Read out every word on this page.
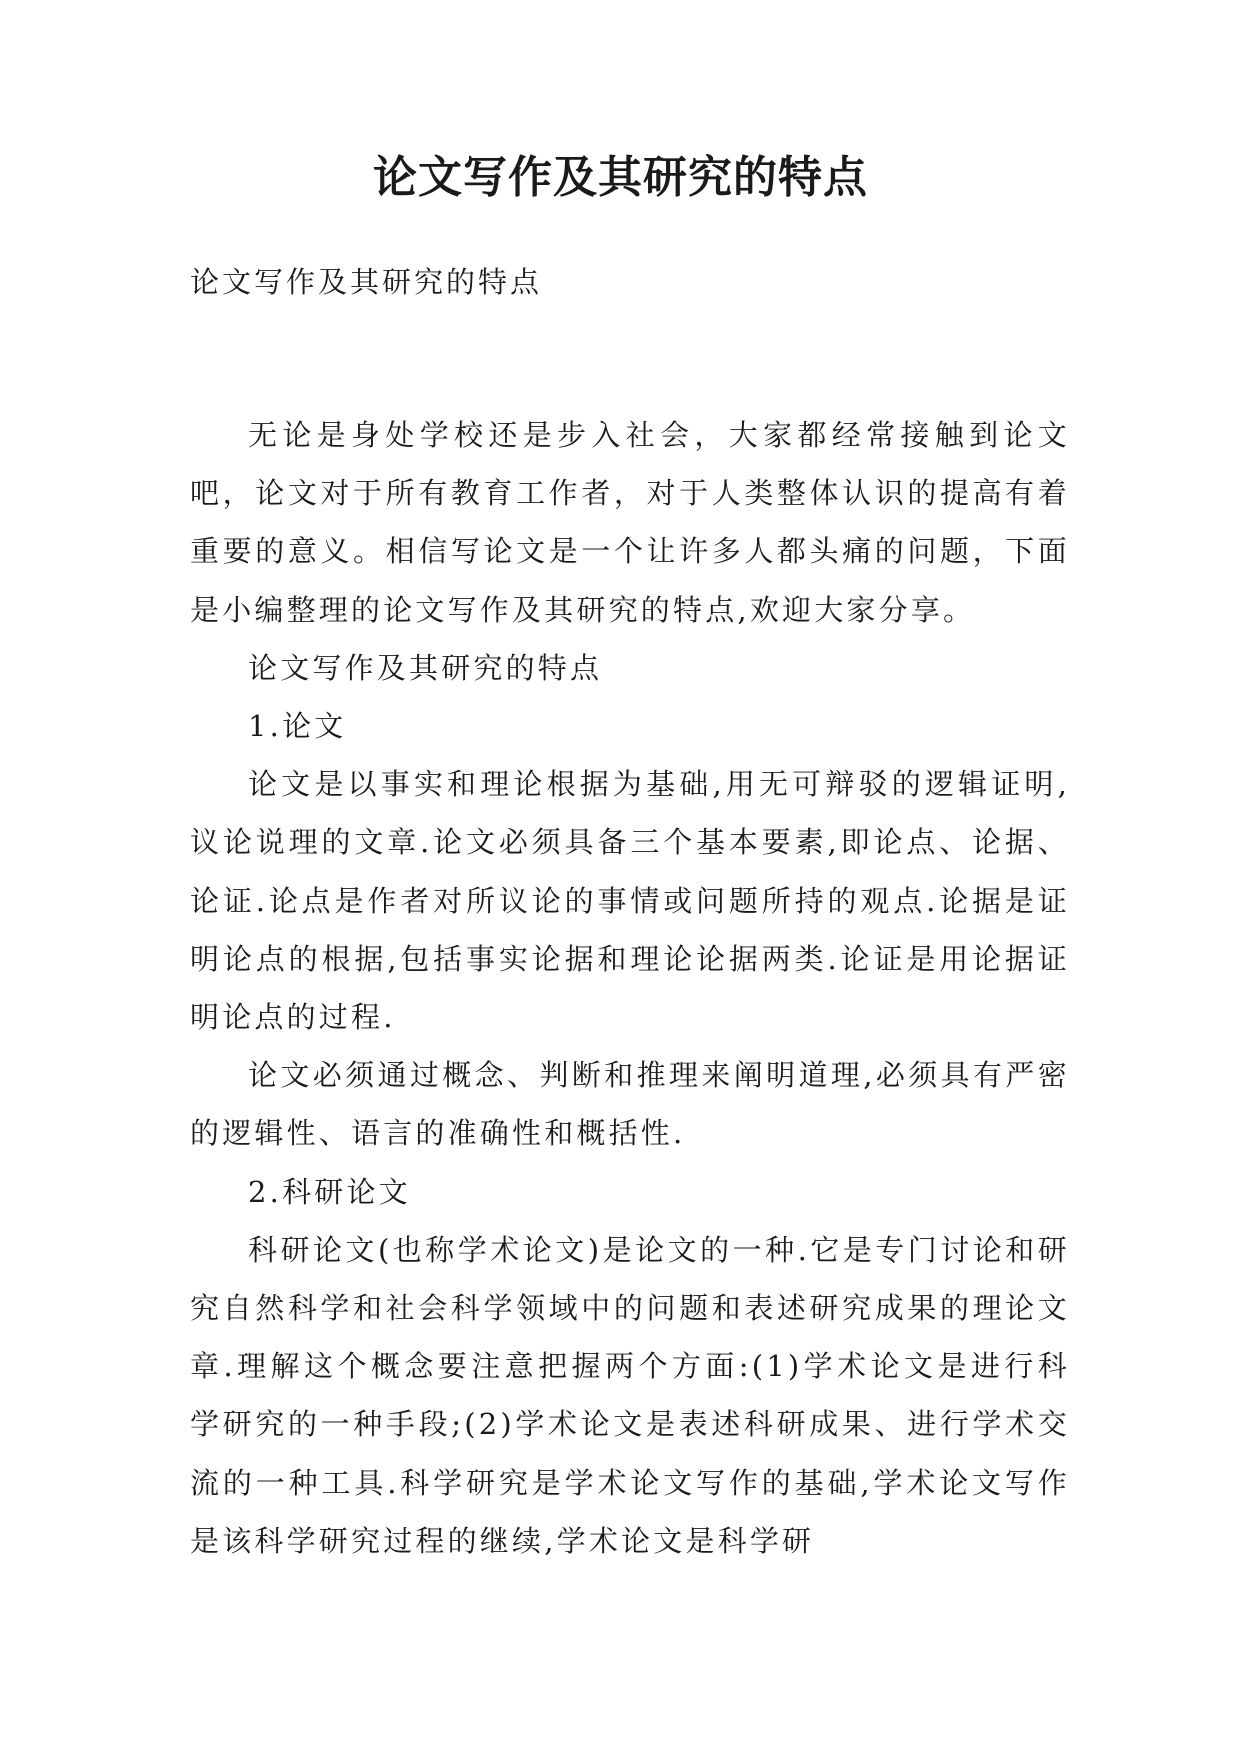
论文写作及其研究的特点
论文写作及其研究的特点

无论是身处学校还是步入社会，大家都经常接触到论文吧，论文对于所有教育工作者，对于人类整体认识的提高有着重要的意义。相信写论文是一个让许多人都头痛的问题，下面是小编整理的论文写作及其研究的特点,欢迎大家分享。

论文写作及其研究的特点

1.论文

论文是以事实和理论根据为基础,用无可辩驳的逻辑证明,议论说理的文章.论文必须具备三个基本要素,即论点、论据、论证.论点是作者对所议论的事情或问题所持的观点.论据是证明论点的根据,包括事实论据和理论论据两类.论证是用论据证明论点的过程.

论文必须通过概念、判断和推理来阐明道理,必须具有严密的逻辑性、语言的准确性和概括性.

2.科研论文

科研论文(也称学术论文)是论文的一种.它是专门讨论和研究自然科学和社会科学领域中的问题和表述研究成果的理论文章.理解这个概念要注意把握两个方面:(1)学术论文是进行科学研究的一种手段;(2)学术论文是表述科研成果、进行学术交流的一种工具.科学研究是学术论文写作的基础,学术论文写作是该科学研究过程的继续,学术论文是科学研
